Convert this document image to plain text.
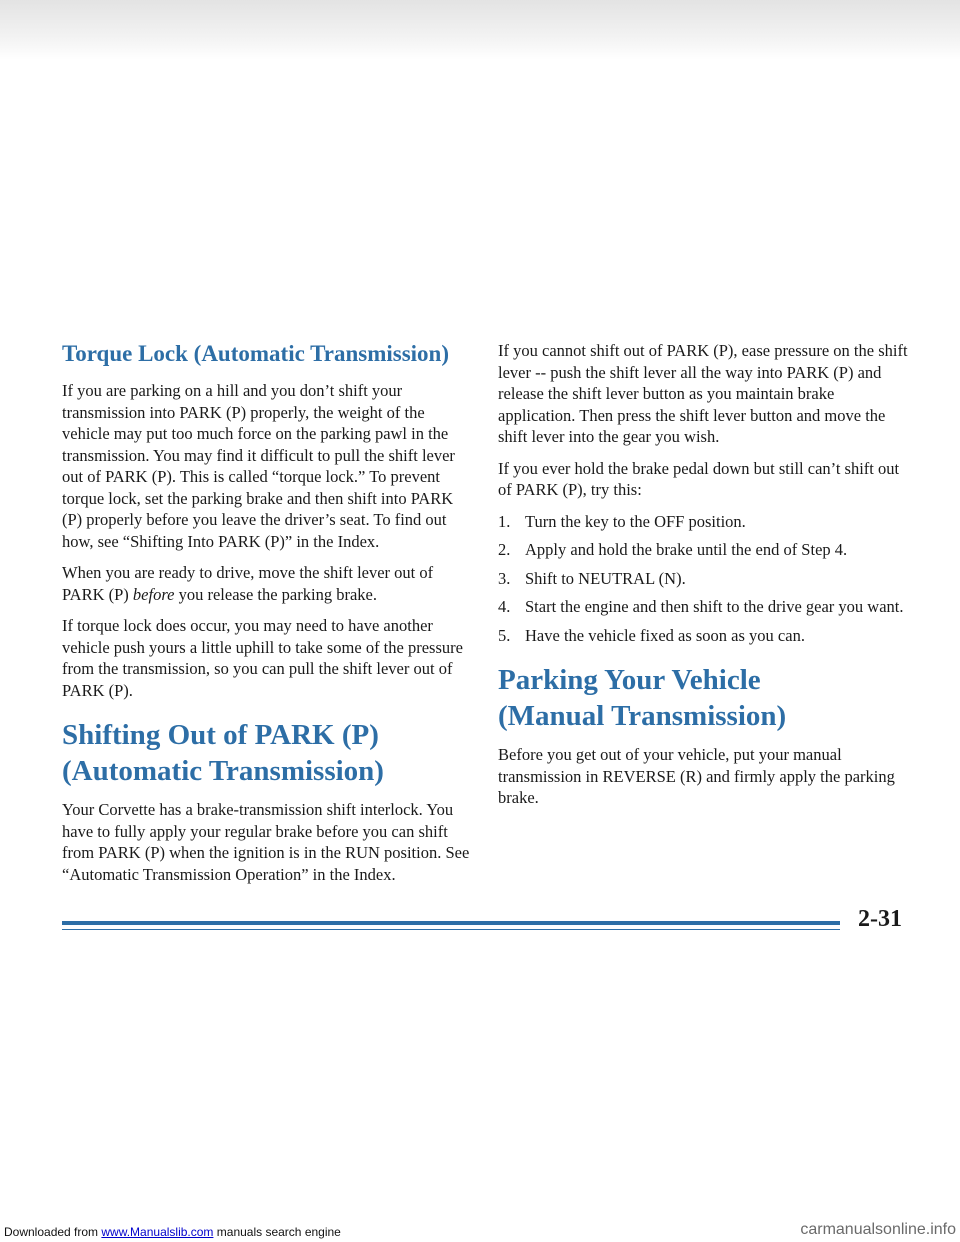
Torque Lock (Automatic Transmission)

If you are parking on a hill and you don’t shift your transmission into PARK (P) properly, the weight of the vehicle may put too much force on the parking pawl in the transmission. You may find it difficult to pull the shift lever out of PARK (P). This is called “torque lock.” To prevent torque lock, set the parking brake and then shift into PARK (P) properly before you leave the driver’s seat. To find out how, see “Shifting Into PARK (P)” in the Index.

When you are ready to drive, move the shift lever out of PARK (P) before you release the parking brake.

If torque lock does occur, you may need to have another vehicle push yours a little uphill to take some of the pressure from the transmission, so you can pull the shift lever out of PARK (P).

Shifting Out of PARK (P)
(Automatic Transmission)

Your Corvette has a brake-transmission shift interlock. You have to fully apply your regular brake before you can shift from PARK (P) when the ignition is in the RUN position. See “Automatic Transmission Operation” in the Index.

If you cannot shift out of PARK (P), ease pressure on the shift lever -- push the shift lever all the way into PARK (P) and release the shift lever button as you maintain brake application. Then press the shift lever button and move the shift lever into the gear you wish.

If you ever hold the brake pedal down but still can’t shift out of PARK (P), try this:

1. Turn the key to the OFF position.
2. Apply and hold the brake until the end of Step 4.
3. Shift to NEUTRAL (N).
4. Start the engine and then shift to the drive gear you want.
5. Have the vehicle fixed as soon as you can.
Parking Your Vehicle
(Manual Transmission)

Before you get out of your vehicle, put your manual transmission in REVERSE (R) and firmly apply the parking brake.

2-31
Downloaded from www.Manualslib.com manuals search engine	carmanualsonline.info
